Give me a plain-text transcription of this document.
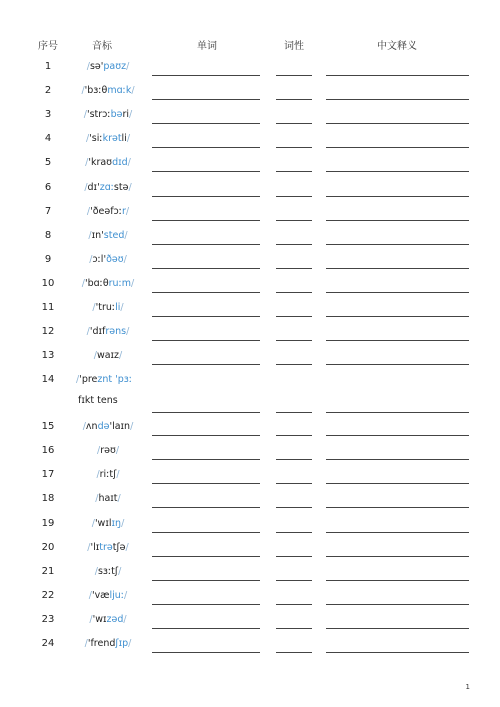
序号	音标	单词	词性	中文释义
1	/sə'paʊz/
2	/'bɜːθmɑːk/
3	/'strɔːbəri/
4	/'siːkrətli/
5	/'kraʊdɪd/
6	/dɪ'zɑːstə/
7	/'ðeəfɔːr/
8	/ɪn'sted/
9	/ɔːl'ðəʊ/
10	/'bɑːθruːm/
11	/'truːli/
12	/'dɪfrəns/
13	/waɪz/
14	/'preznt 'pɜː
fɪkt tens
15	/ʌndə'laɪn/
16	/rəʊ/
17	/riːtʃ/
18	/haɪt/
19	/'wɪlɪŋ/
20	/'lɪtrətʃə/
21	/sɜːtʃ/
22	/'væljuː/
23	/'wɪzəd/
24	/'frendʃɪp/
1
